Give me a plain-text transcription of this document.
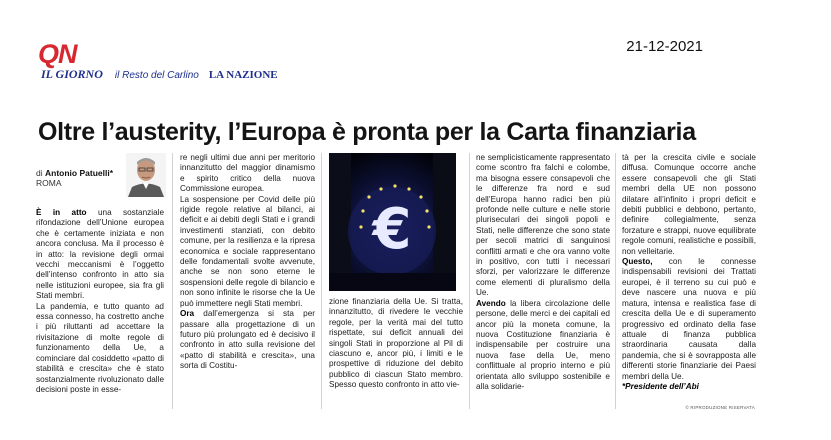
QN
IL GIORNO il Resto del Carlino LA NAZIONE
21-12-2021
Oltre l’austerity, l’Europa è pronta per la Carta finanziaria
di Antonio Patuelli*
ROMA
€

È in atto una sostanziale rifondazione dell’Unione europea che è certamente iniziata e non ancora conclusa. Ma il processo è in atto: la revisione degli ormai vecchi meccanismi è l’oggetto dell’intenso confronto in atto sia nelle istituzioni europee, sia fra gli Stati membri.

La pandemia, e tutto quanto ad essa connesso, ha costretto anche i più riluttanti ad accettare la rivisitazione di molte regole di funzionamento della Ue, a cominciare dal cosiddetto «patto di stabilità e crescita» che è stato sostanzialmente rivoluzionato dalle decisioni poste in esse-

re negli ultimi due anni per meritorio innanzitutto del maggior dinamismo e spirito critico della nuova Commissione europea.

La sospensione per Covid delle più rigide regole relative al bilanci, ai deficit e ai debiti degli Stati e i grandi investimenti stanziati, con debito comune, per la resilienza e la ripresa economica e sociale rappresentano delle fondamentali svolte avvenute, anche se non sono eterne le sospensioni delle regole di bilancio e non sono infinite le risorse che la Ue può immettere negli Stati membri.

Ora dall’emergenza si sta per passare alla progettazione di un futuro più prolungato ed è decisivo il confronto in atto sulla revisione del «patto di stabilità e crescita», una sorta di Costitu-

zione finanziaria della Ue. Si tratta, innanzitutto, di rivedere le vecchie regole, per la verità mai del tutto rispettate, sui deficit annuali dei singoli Stati in proporzione al Pil di ciascuno e, ancor più, i limiti e le prospettive di riduzione del debito pubblico di ciascun Stato membro. Spesso questo confronto in atto vie-

ne semplicisticamente rappresentato come scontro fra falchi e colombe, ma bisogna essere consapevoli che le differenze fra nord e sud dell’Europa hanno radici ben più profonde nelle culture e nelle storie pluriseculari dei singoli popoli e Stati, nelle differenze che sono state per secoli matrici di sanguinosi conflitti armati e che ora vanno volte in positivo, con tutti i necessari sforzi, per valorizzare le differenze come elementi di pluralismo della Ue.

Avendo la libera circolazione delle persone, delle merci e dei capitali ed ancor più la moneta comune, la nuova Costituzione finanziaria è indispensabile per costruire una nuova fase della Ue, meno conflittuale al proprio interno e più orientata allo sviluppo sostenibile e alla solidarie-

tà per la crescita civile e sociale diffusa. Comunque occorre anche essere consapevoli che gli Stati membri della UE non possono dilatare all’infinito i propri deficit e debiti pubblici e debbono, pertanto, definire collegialmente, senza forzature e strappi, nuove equilibrate regole comuni, realistiche e possibili, non velleitarie.

Questo, con le connesse indispensabili revisioni dei Trattati europei, è il terreno su cui può e deve nascere una nuova e più matura, intensa e realistica fase di crescita della Ue e di superamento progressivo ed ordinato della fase attuale di finanza pubblica straordinaria causata dalla pandemia, che si è sovrapposta alle differenti storie finanziarie dei Paesi membri della Ue.

*Presidente dell’Abi
© RIPRODUZIONE RISERVATA
